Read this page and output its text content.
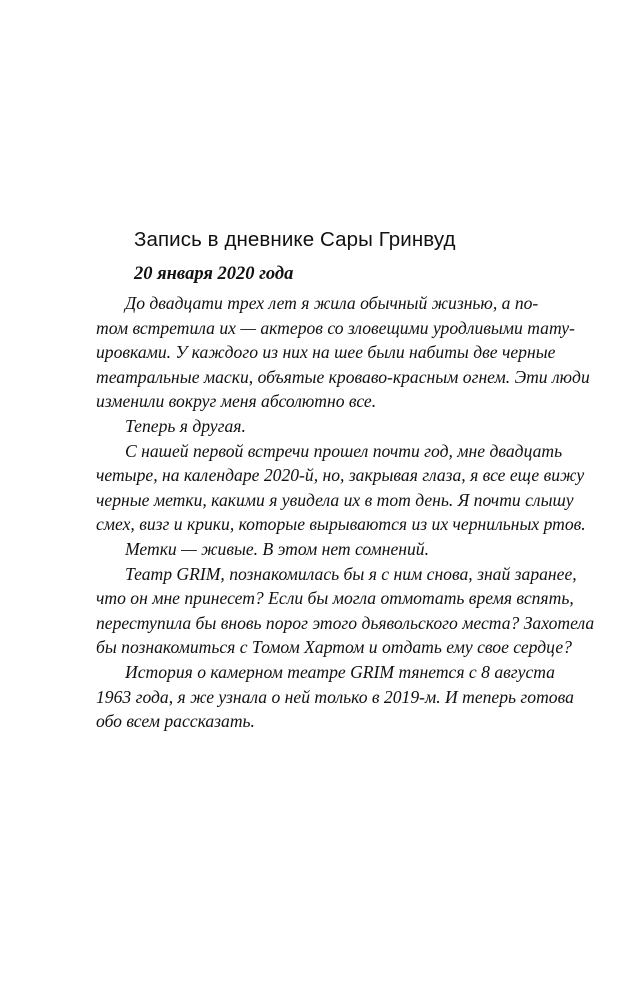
Запись в дневнике Сары Гринвуд
20 января 2020 года
До двадцати трех лет я жила обычный жизнью, а по-
том встретила их — актеров со зловещими уродливыми тату-
ировками. У каждого из них на шее были набиты две черные
театральные маски, объятые кроваво-красным огнем. Эти люди
изменили вокруг меня абсолютно все.
Теперь я другая.
С нашей первой встречи прошел почти год, мне двадцать
четыре, на календаре 2020-й, но, закрывая глаза, я все еще вижу
черные метки, какими я увидела их в тот день. Я почти слышу
смех, визг и крики, которые вырываются из их чернильных ртов.
Метки — живые. В этом нет сомнений.
Театр GRIM, познакомилась бы я с ним снова, знай заранее,
что он мне принесет? Если бы могла отмотать время вспять,
переступила бы вновь порог этого дьявольского места? Захотела
бы познакомиться с Томом Хартом и отдать ему свое сердце?
История о камерном театре GRIM тянется с 8 августа
1963 года, я же узнала о ней только в 2019-м. И теперь готова
обо всем рассказать.
